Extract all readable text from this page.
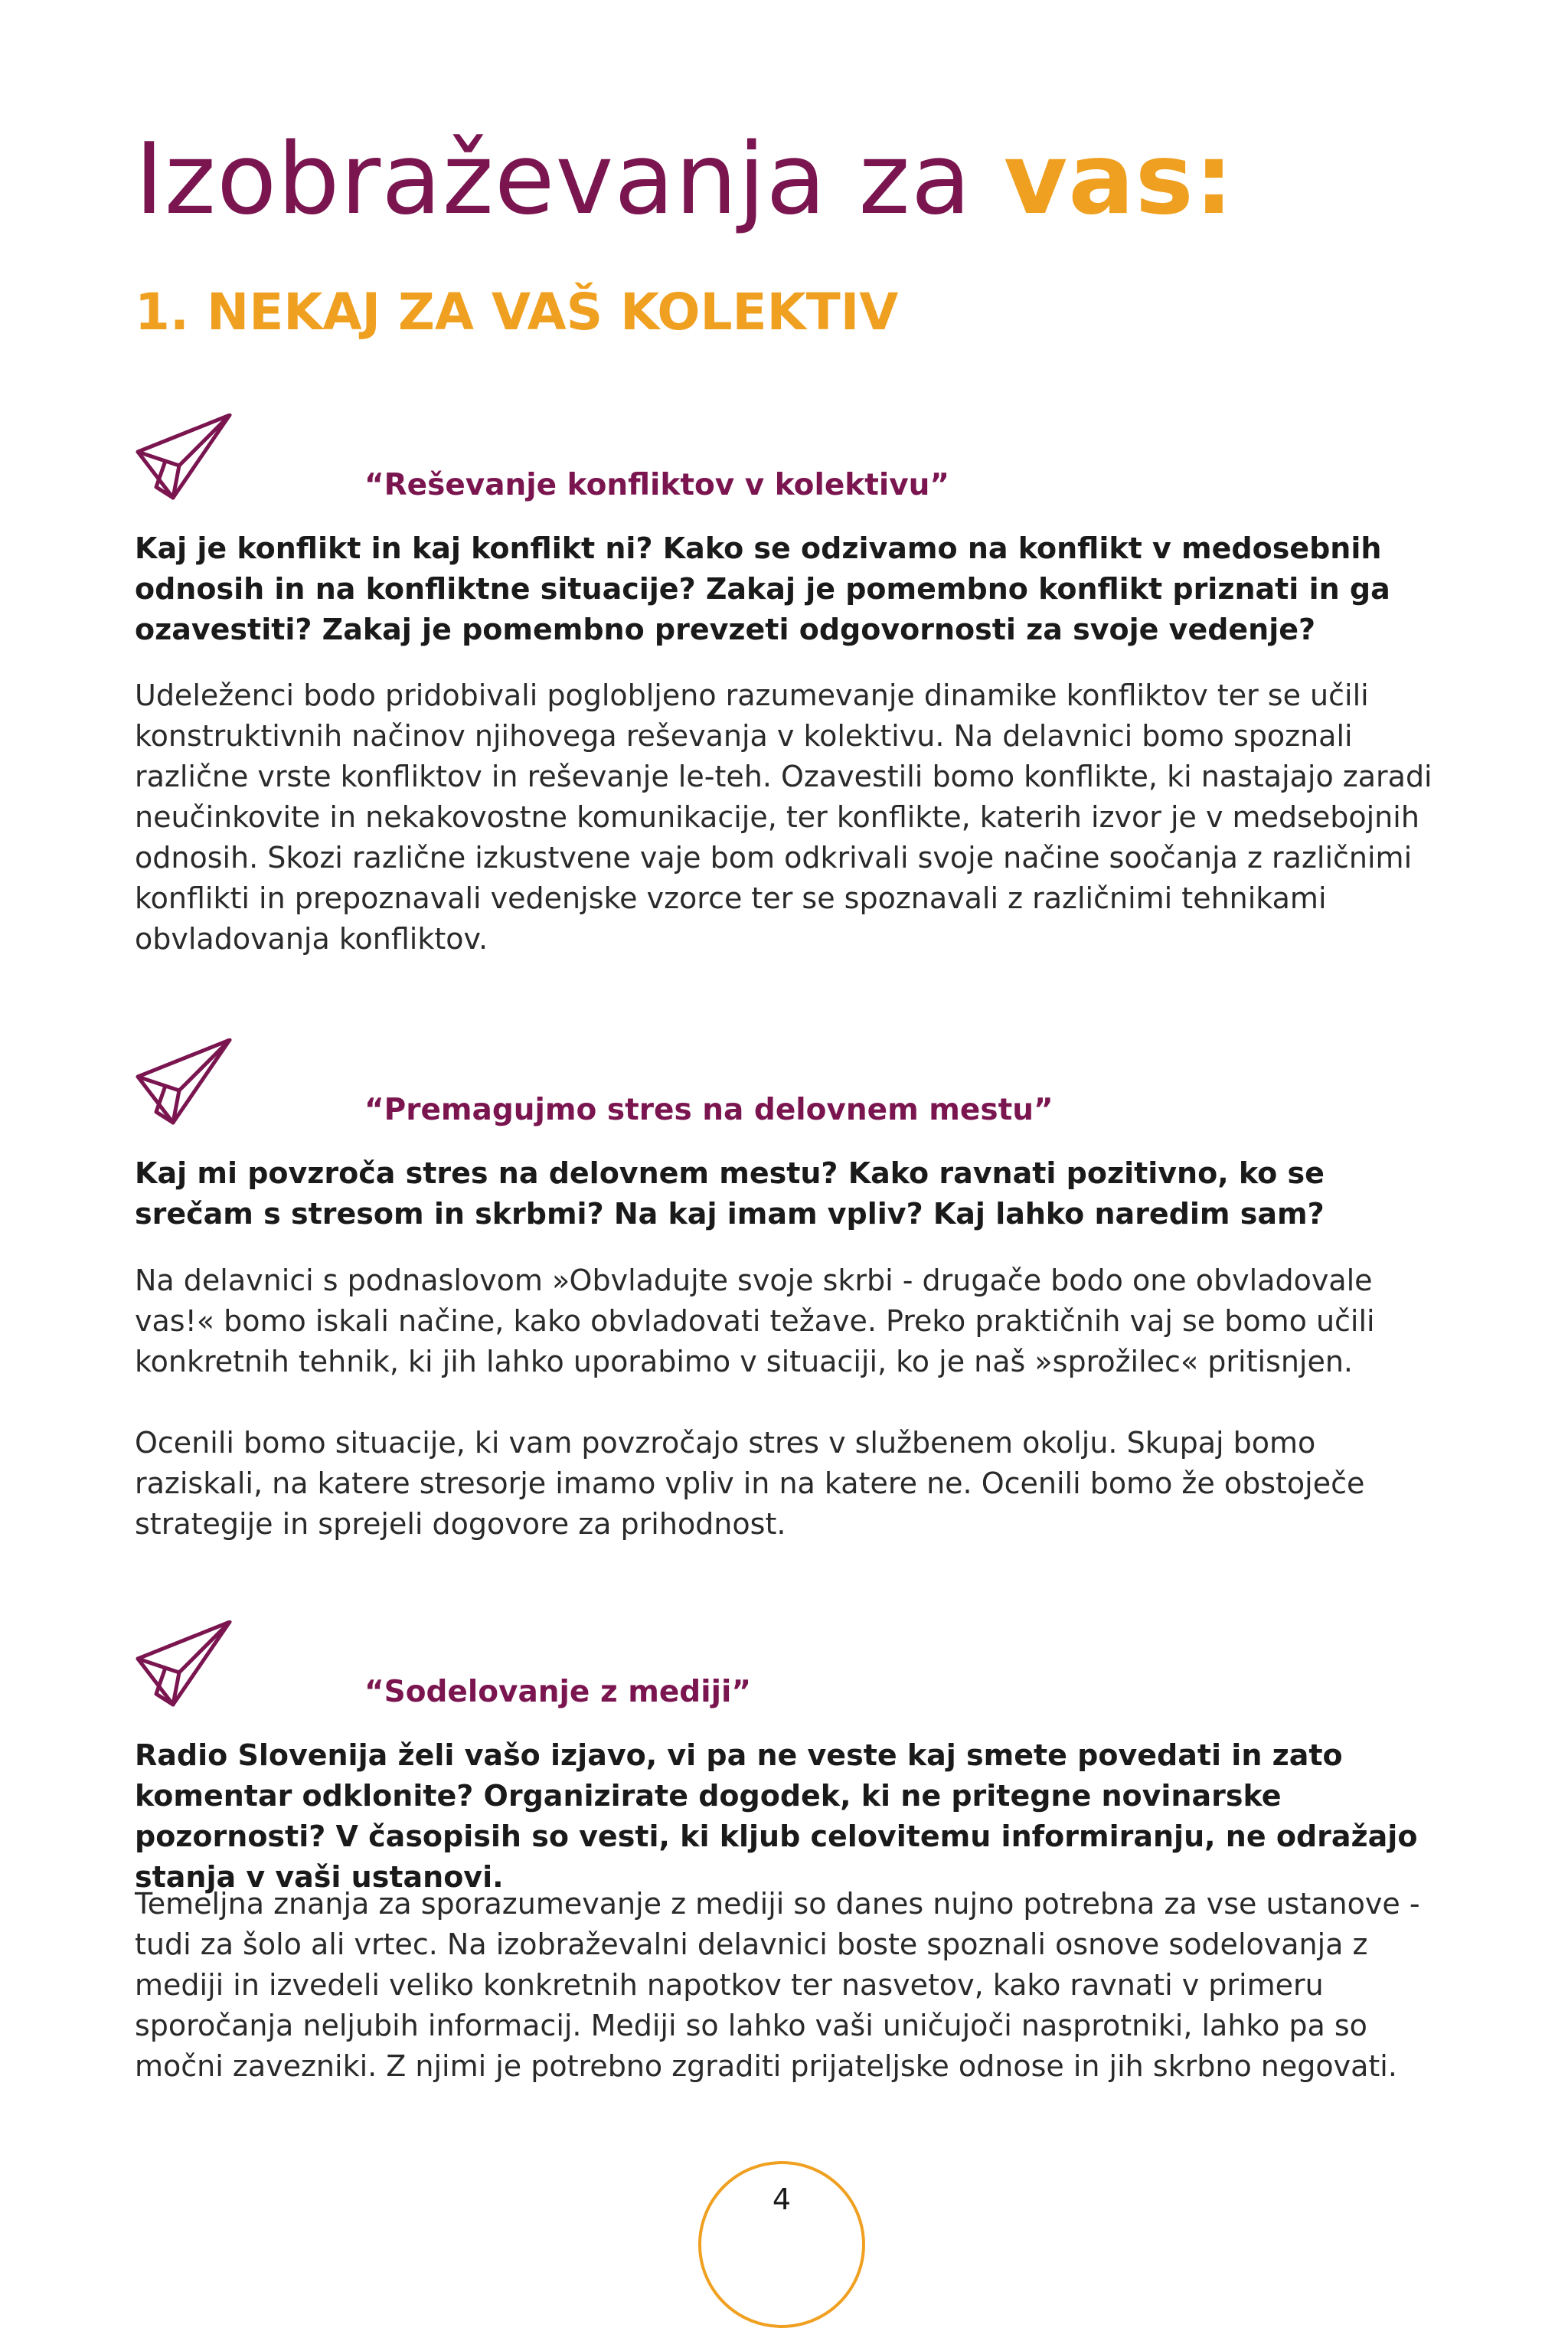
Izobraževanja za vas:
1. NEKAJ ZA VAŠ KOLEKTIV
“Reševanje konfliktov v kolektivu”

Kaj je konflikt in kaj konflikt ni? Kako se odzivamo na konflikt v medosebnih odnosih in na konfliktne situacije? Zakaj je pomembno konflikt priznati in ga ozavestiti? Zakaj je pomembno prevzeti odgovornosti za svoje vedenje?

Udeleženci bodo pridobivali poglobljeno razumevanje dinamike konfliktov ter se učili konstruktivnih načinov njihovega reševanja v kolektivu. Na delavnici bomo spoznali različne vrste konfliktov in reševanje le-teh. Ozavestili bomo konflikte, ki nastajajo zaradi neučinkovite in nekakovostne komunikacije, ter konflikte, katerih izvor je v medsebojnih odnosih. Skozi različne izkustvene vaje bom odkrivali svoje načine soočanja z različnimi konflikti in prepoznavali vedenjske vzorce ter se spoznavali z različnimi tehnikami obvladovanja konfliktov.

“Premagujmo stres na delovnem mestu”

Kaj mi povzroča stres na delovnem mestu? Kako ravnati pozitivno, ko se srečam s stresom in skrbmi? Na kaj imam vpliv? Kaj lahko naredim sam?

Na delavnici s podnaslovom »Obvladujte svoje skrbi - drugače bodo one obvladovale vas!« bomo iskali načine, kako obvladovati težave. Preko praktičnih vaj se bomo učili konkretnih tehnik, ki jih lahko uporabimo v situaciji, ko je naš »sprožilec« pritisnjen.

Ocenili bomo situacije, ki vam povzročajo stres v službenem okolju. Skupaj bomo raziskali, na katere stresorje imamo vpliv in na katere ne. Ocenili bomo že obstoječe strategije in sprejeli dogovore za prihodnost.

“Sodelovanje z mediji”

Radio Slovenija želi vašo izjavo, vi pa ne veste kaj smete povedati in zato komentar odklonite? Organizirate dogodek, ki ne pritegne novinarske pozornosti? V časopisih so vesti, ki kljub celovitemu informiranju, ne odražajo stanja v vaši ustanovi.

Temeljna znanja za sporazumevanje z mediji so danes nujno potrebna za vse ustanove - tudi za šolo ali vrtec. Na izobraževalni delavnici boste spoznali osnove sodelovanja z mediji in izvedeli veliko konkretnih napotkov ter nasvetov, kako ravnati v primeru sporočanja neljubih informacij. Mediji so lahko vaši uničujoči nasprotniki, lahko pa so močni zavezniki. Z njimi je potrebno zgraditi prijateljske odnose in jih skrbno negovati.

4
